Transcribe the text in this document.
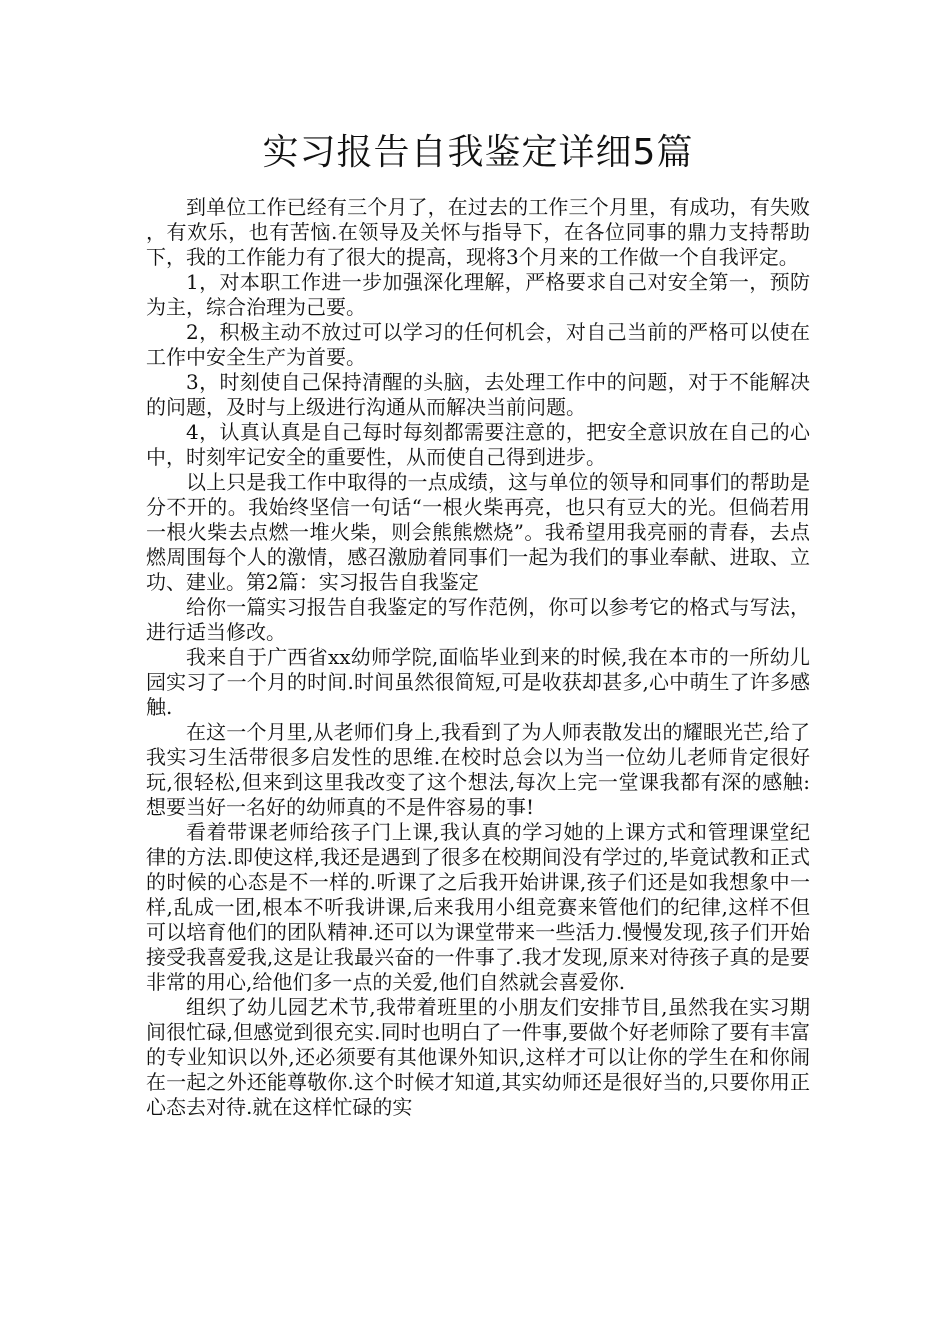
实习报告自我鉴定详细5篇

到单位工作已经有三个月了，在过去的工作三个月里，有成功，有失败，有欢乐，也有苦恼.在领导及关怀与指导下，在各位同事的鼎力支持帮助下，我的工作能力有了很大的提高，现将3个月来的工作做一个自我评定。

1，对本职工作进一步加强深化理解，严格要求自己对安全第一，预防为主，综合治理为己要。

2，积极主动不放过可以学习的任何机会，对自己当前的严格可以使在工作中安全生产为首要。

3，时刻使自己保持清醒的头脑，去处理工作中的问题，对于不能解决的问题，及时与上级进行沟通从而解决当前问题。

4，认真认真是自己每时每刻都需要注意的，把安全意识放在自己的心中，时刻牢记安全的重要性，从而使自己得到进步。

以上只是我工作中取得的一点成绩，这与单位的领导和同事们的帮助是分不开的。我始终坚信一句话“一根火柴再亮，也只有豆大的光。但倘若用一根火柴去点燃一堆火柴，则会熊熊燃烧”。我希望用我亮丽的青春，去点燃周围每个人的激情，感召激励着同事们一起为我们的事业奉献、进取、立功、建业。第2篇：实习报告自我鉴定

给你一篇实习报告自我鉴定的写作范例，你可以参考它的格式与写法，进行适当修改。

我来自于广西省xx幼师学院,面临毕业到来的时候,我在本市的一所幼儿园实习了一个月的时间.时间虽然很简短,可是收获却甚多,心中萌生了许多感触.

在这一个月里,从老师们身上,我看到了为人师表散发出的耀眼光芒,给了我实习生活带很多启发性的思维.在校时总会以为当一位幼儿老师肯定很好玩,很轻松,但来到这里我改变了这个想法,每次上完一堂课我都有深的感触:想要当好一名好的幼师真的不是件容易的事!

看着带课老师给孩子门上课,我认真的学习她的上课方式和管理课堂纪律的方法.即使这样,我还是遇到了很多在校期间没有学过的,毕竟试教和正式的时候的心态是不一样的.听课了之后我开始讲课,孩子们还是如我想象中一样,乱成一团,根本不听我讲课,后来我用小组竞赛来管他们的纪律,这样不但可以培育他们的团队精神.还可以为课堂带来一些活力.慢慢发现,孩子们开始接受我喜爱我,这是让我最兴奋的一件事了.我才发现,原来对待孩子真的是要非常的用心,给他们多一点的关爱,他们自然就会喜爱你.

组织了幼儿园艺术节,我带着班里的小朋友们安排节目,虽然我在实习期间很忙碌,但感觉到很充实.同时也明白了一件事,要做个好老师除了要有丰富的专业知识以外,还必须要有其他课外知识,这样才可以让你的学生在和你闹在一起之外还能尊敬你.这个时候才知道,其实幼师还是很好当的,只要你用正心态去对待.就在这样忙碌的实
